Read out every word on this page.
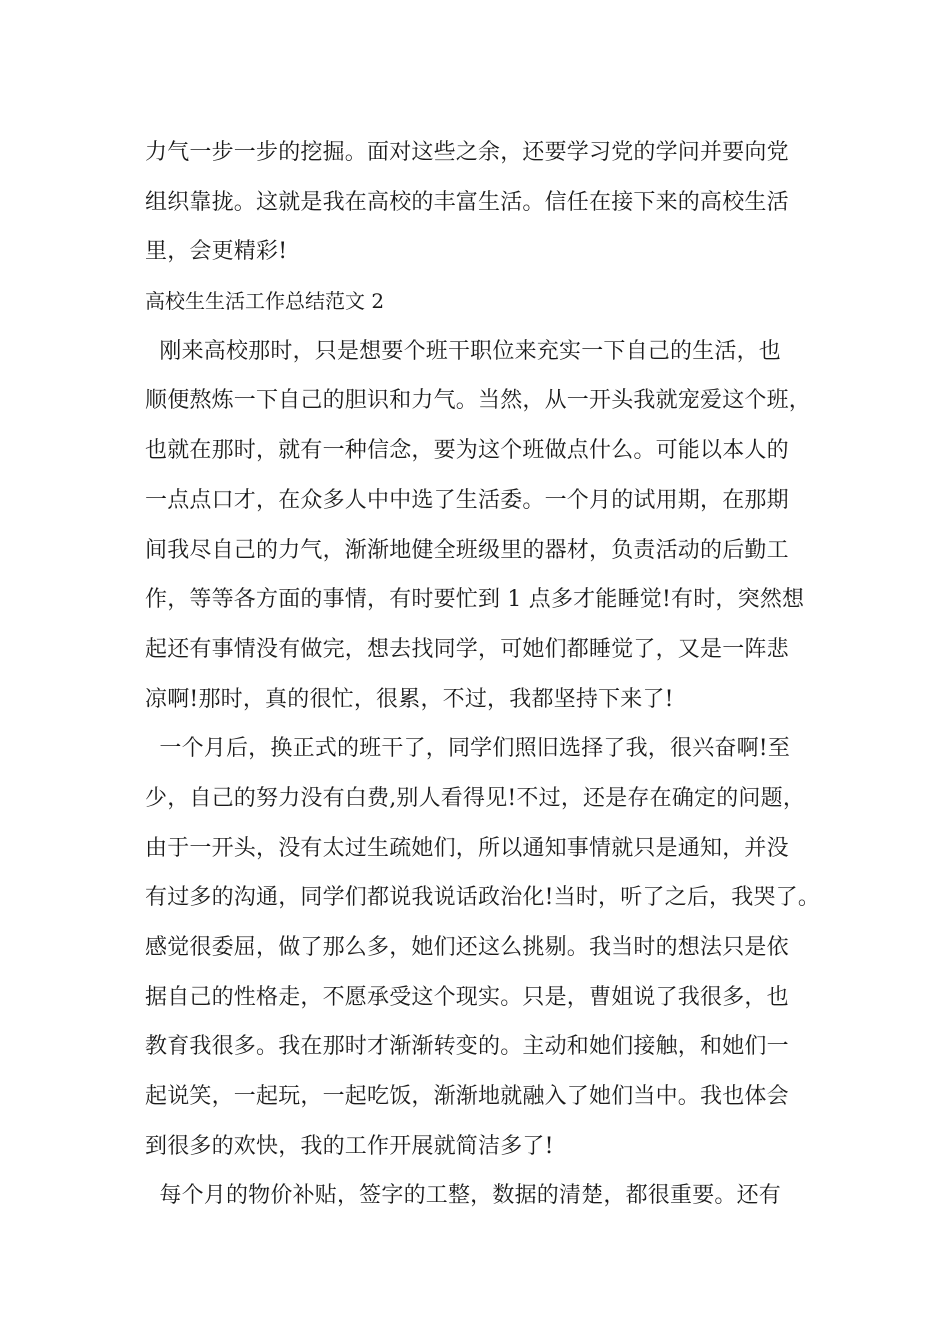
力气一步一步的挖掘。面对这些之余，还要学习党的学问并要向党
组织靠拢。这就是我在高校的丰富生活。信任在接下来的高校生活
里，会更精彩!
高校生生活工作总结范文 2
刚来高校那时，只是想要个班干职位来充实一下自己的生活，也
顺便熬炼一下自己的胆识和力气。当然，从一开头我就宠爱这个班，
也就在那时，就有一种信念，要为这个班做点什么。可能以本人的
一点点口才，在众多人中中选了生活委。一个月的试用期，在那期
间我尽自己的力气，渐渐地健全班级里的器材，负责活动的后勤工
作，等等各方面的事情，有时要忙到 1 点多才能睡觉!有时，突然想
起还有事情没有做完，想去找同学，可她们都睡觉了，又是一阵悲
凉啊!那时，真的很忙，很累，不过，我都坚持下来了!
一个月后，换正式的班干了，同学们照旧选择了我，很兴奋啊!至
少，自己的努力没有白费,别人看得见!不过，还是存在确定的问题，
由于一开头，没有太过生疏她们，所以通知事情就只是通知，并没
有过多的沟通，同学们都说我说话政治化!当时，听了之后，我哭了。
感觉很委屈，做了那么多，她们还这么挑剔。我当时的想法只是依
据自己的性格走，不愿承受这个现实。只是，曹姐说了我很多，也
教育我很多。我在那时才渐渐转变的。主动和她们接触，和她们一
起说笑，一起玩，一起吃饭，渐渐地就融入了她们当中。我也体会
到很多的欢快，我的工作开展就简洁多了!
每个月的物价补贴，签字的工整，数据的清楚，都很重要。还有
